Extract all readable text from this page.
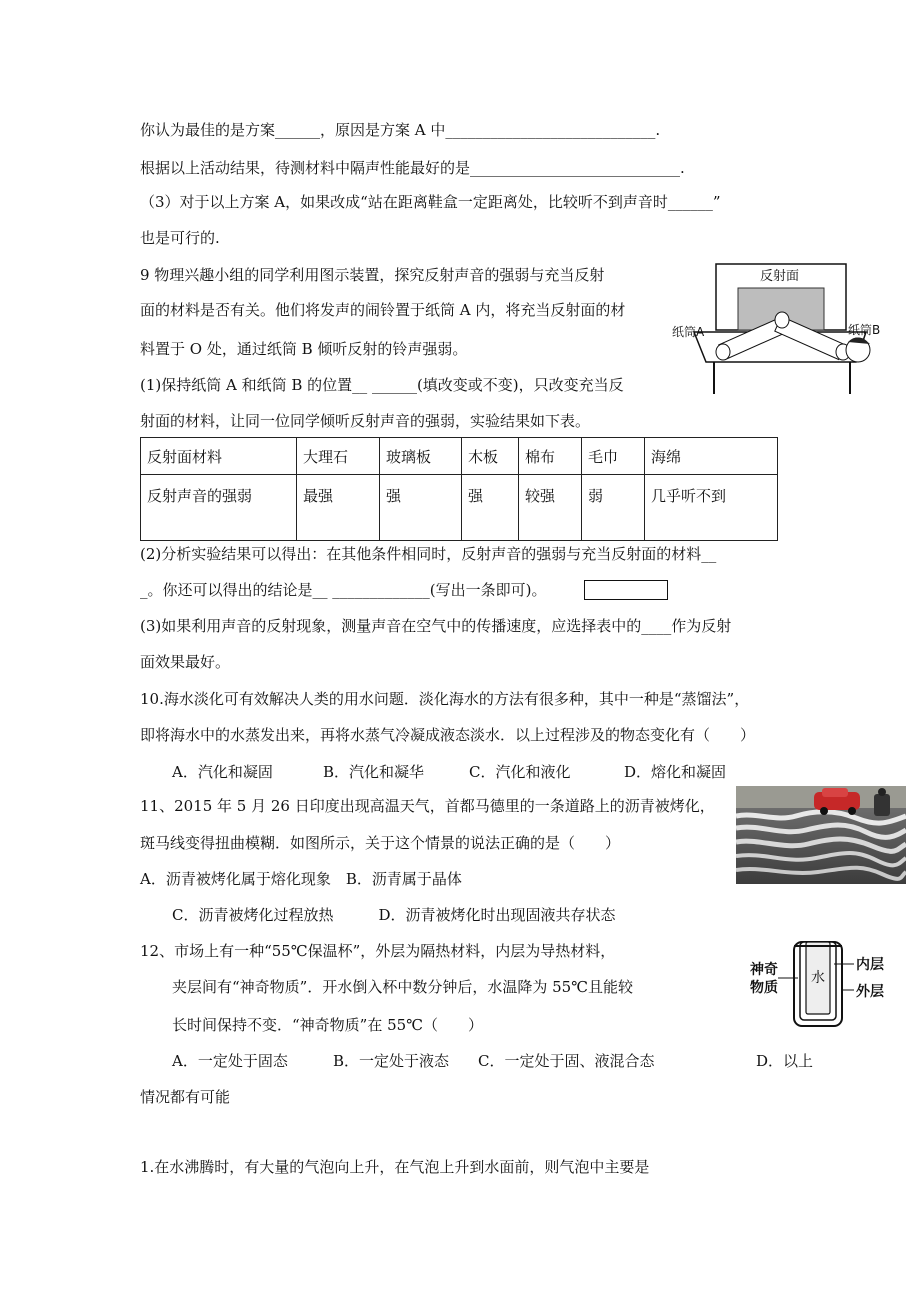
你认为最佳的是方案______，原因是方案 A 中____________________________.
根据以上活动结果，待测材料中隔声性能最好的是____________________________.
（3）对于以上方案 A，如果改成“站在距离鞋盒一定距离处，比较听不到声音时______”
也是可行的.
9 物理兴趣小组的同学利用图示装置，探究反射声音的强弱与充当反射
面的材料是否有关。他们将发声的闹铃置于纸筒 A 内，将充当反射面的材
料置于 O 处，通过纸筒 B 倾听反射的铃声强弱。
(1)保持纸筒 A 和纸筒 B 的位置__ ______(填改变或不变)，只改变充当反
射面的材料，让同一位同学倾听反射声音的强弱，实验结果如下表。
反射面
纸筒A	纸筒B
反射面材料	大理石	玻璃板	木板	棉布	毛巾	海绵
反射声音的强弱	最强	强	强	较强	弱	几乎听不到
(2)分析实验结果可以得出：在其他条件相同时，反射声音的强弱与充当反射面的材料__
_。你还可以得出的结论是__ _____________(写出一条即可)。
(3)如果利用声音的反射现象，测量声音在空气中的传播速度，应选择表中的____作为反射
面效果最好。
10.海水淡化可有效解决人类的用水问题．淡化海水的方法有很多种，其中一种是“蒸馏法”，
即将海水中的水蒸发出来，再将水蒸气冷凝成液态淡水．以上过程涉及的物态变化有（　　）
A．汽化和凝固	B．汽化和凝华	C．汽化和液化	D．熔化和凝固
11、2015 年 5 月 26 日印度出现高温天气，首都马德里的一条道路上的沥青被烤化，
斑马线变得扭曲模糊．如图所示，关于这个情景的说法正确的是（　　）
A．沥青被烤化属于熔化现象　B．沥青属于晶体
C．沥青被烤化过程放热　　　D．沥青被烤化时出现固液共存状态
12、市场上有一种“55℃保温杯”，外层为隔热材料，内层为导热材料，
夹层间有“神奇物质”．开水倒入杯中数分钟后，水温降为 55℃且能较
长时间保持不变．“神奇物质”在 55℃（　　）
A．一定处于固态	B．一定处于液态 C．一定处于固、液混合态	D．以上
情况都有可能
水
神奇
物质
内层
外层
1.在水沸腾时，有大量的气泡向上升，在气泡上升到水面前，则气泡中主要是
